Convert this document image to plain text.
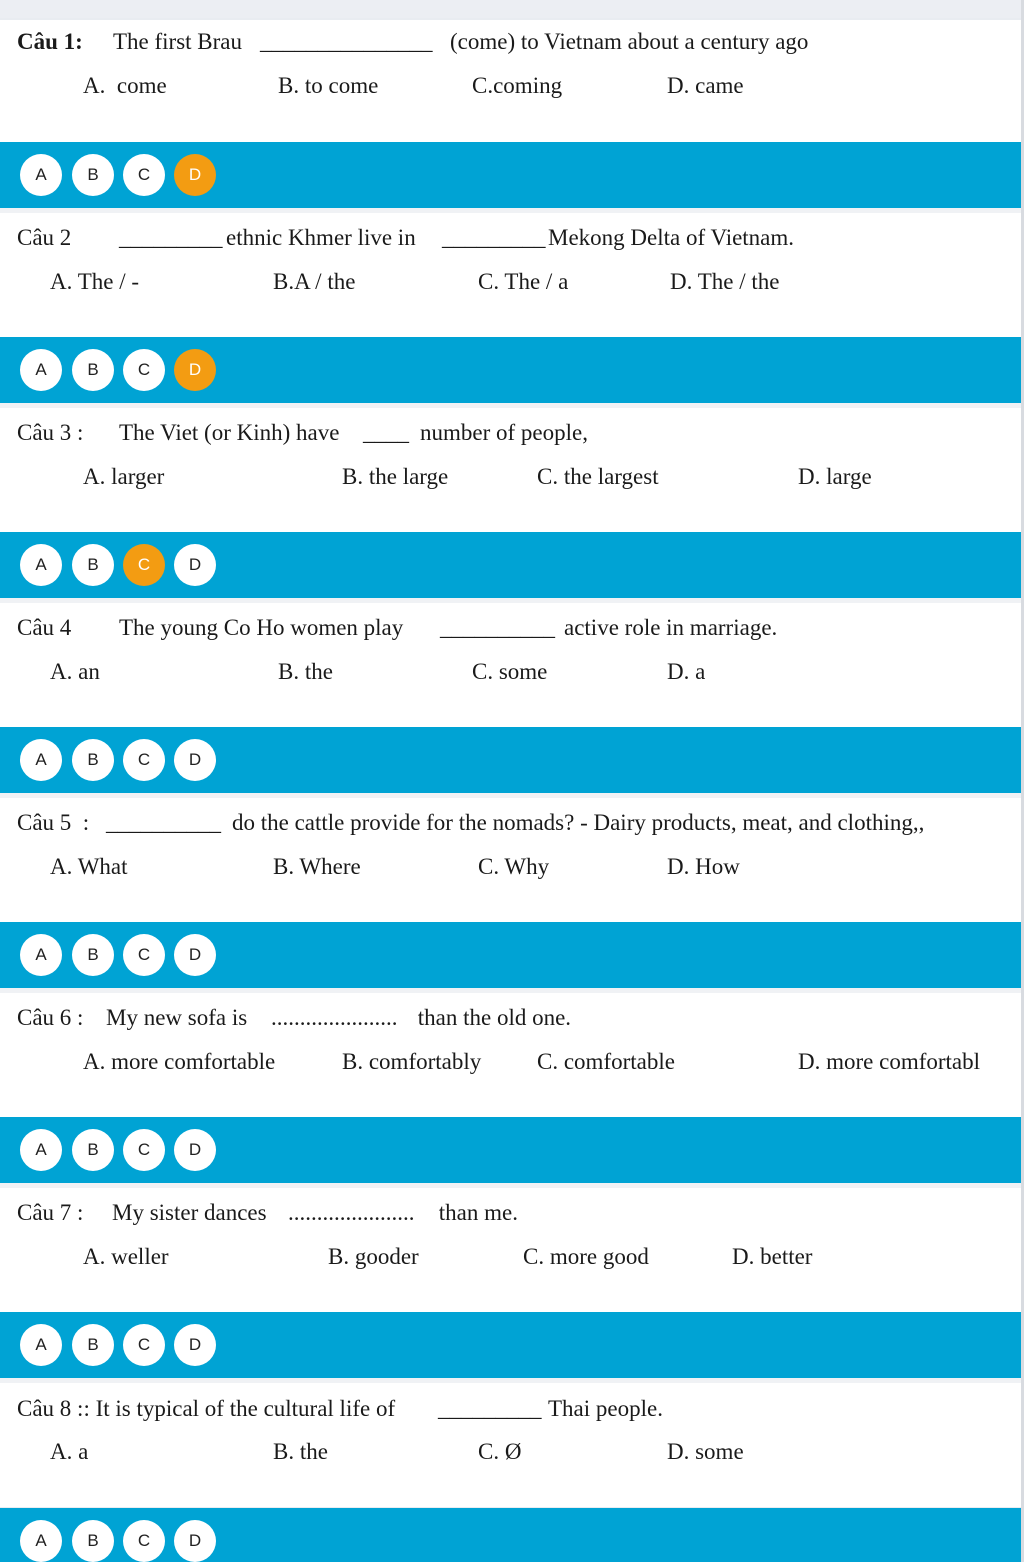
Câu 1:

The first Brau

_______________

(come) to Vietnam about a century ago

A.  come	B. to come	C.coming	D. came
A	B	C	D

Câu 2

_________

ethnic Khmer live in

_________

Mekong Delta of Vietnam.

A. The / -	B.A / the	C. The / a	D. The / the
A	B	C	D

Câu 3 :

The Viet (or Kinh) have

____

number of people,

A. larger	B. the large	C. the largest	D. large
A	B	C	D

Câu 4

The young Co Ho women play

__________

active role in marriage.

A. an	B. the	C. some	D. a
A	B	C	D

Câu 5  :

__________

do the cattle provide for the nomads? - Dairy products, meat, and clothing,,

A. What	B. Where	C. Why	D. How
A	B	C	D

Câu 6 :

My new sofa is

......................

than the old one.

A. more comfortable	B. comfortably C. comfortable	D. more comfortabl
A	B	C	D

Câu 7 :

My sister dances

......................

than me.

A. weller	B. gooder	C. more good	D. better
A	B	C	D

Câu 8 :: It is typical of the cultural life of

_________

Thai people.

A. a	B. the	C. Ø	D. some
A	B	C	D
